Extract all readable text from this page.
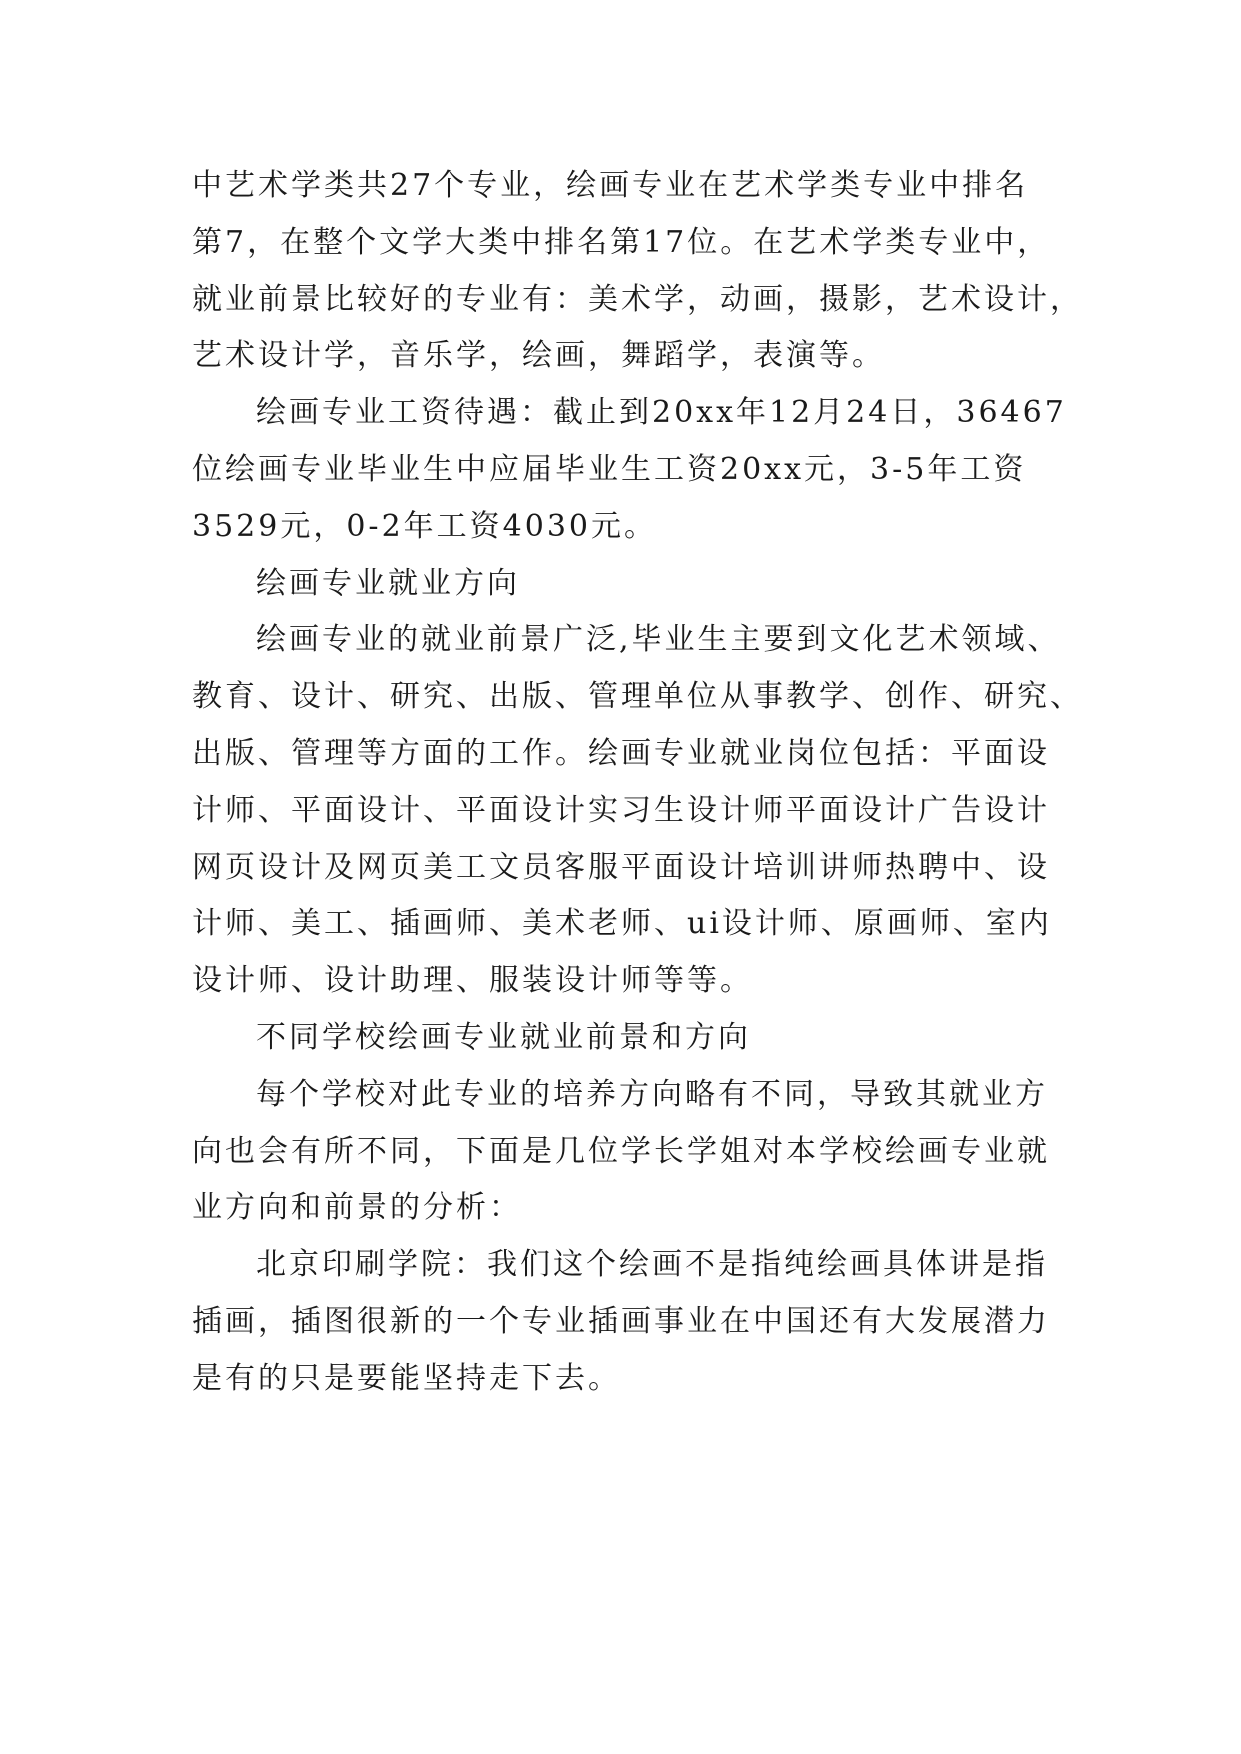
中艺术学类共27个专业，绘画专业在艺术学类专业中排名
第7，在整个文学大类中排名第17位。在艺术学类专业中，
就业前景比较好的专业有：美术学，动画，摄影，艺术设计，
艺术设计学，音乐学，绘画，舞蹈学，表演等。
绘画专业工资待遇：截止到20xx年12月24日，36467
位绘画专业毕业生中应届毕业生工资20xx元，3-5年工资
3529元，0-2年工资4030元。
绘画专业就业方向
绘画专业的就业前景广泛,毕业生主要到文化艺术领域、
教育、设计、研究、出版、管理单位从事教学、创作、研究、
出版、管理等方面的工作。绘画专业就业岗位包括：平面设
计师、平面设计、平面设计实习生设计师平面设计广告设计
网页设计及网页美工文员客服平面设计培训讲师热聘中、设
计师、美工、插画师、美术老师、ui设计师、原画师、室内
设计师、设计助理、服装设计师等等。
不同学校绘画专业就业前景和方向
每个学校对此专业的培养方向略有不同，导致其就业方
向也会有所不同，下面是几位学长学姐对本学校绘画专业就
业方向和前景的分析：
北京印刷学院：我们这个绘画不是指纯绘画具体讲是指
插画，插图很新的一个专业插画事业在中国还有大发展潜力
是有的只是要能坚持走下去。
